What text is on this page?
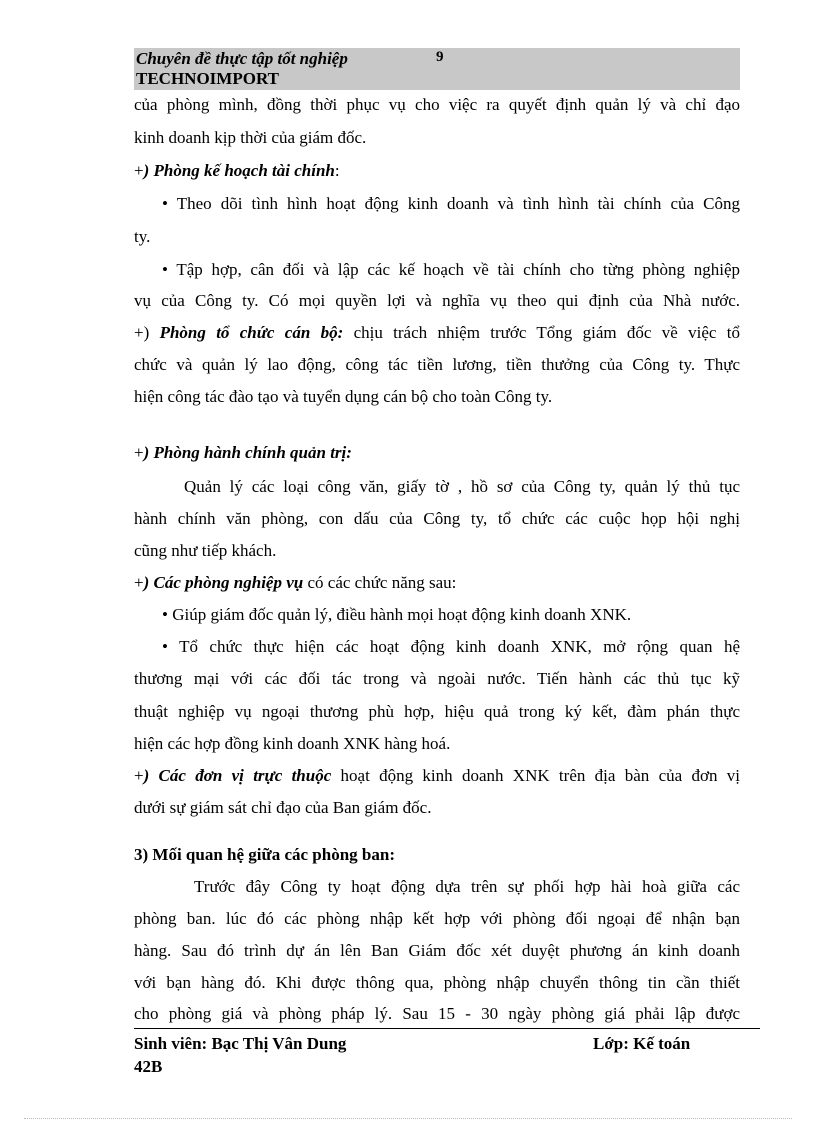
Chuyên đề thực tập tốt nghiệp	9
TECHNOIMPORT
của phòng mình, đồng thời phục vụ cho việc ra quyết định quản lý và chỉ đạo
kinh doanh kịp thời của giám đốc.
+) Phòng kế hoạch tài chính:
• Theo dõi tình hình hoạt động kinh doanh và tình hình tài chính của Công
ty.
• Tập hợp, cân đối và lập các kế hoạch về tài chính cho từng phòng nghiệp
vụ của Công ty. Có mọi quyền lợi và nghĩa vụ theo qui định của Nhà nước.
+) Phòng tổ chức cán bộ: chịu trách nhiệm trước Tổng giám đốc về việc tổ
chức và quản lý lao động, công tác tiền lương, tiền thưởng của Công ty. Thực
hiện công tác đào tạo và tuyển dụng cán bộ cho toàn Công ty.
+) Phòng hành chính quản trị:
Quản lý các loại công văn, giấy tờ , hồ sơ của Công ty, quản lý thủ tục
hành chính văn phòng, con dấu của Công ty, tổ chức các cuộc họp hội nghị
cũng như tiếp khách.
+) Các phòng nghiệp vụ có các chức năng sau:
• Giúp giám đốc quản lý, điều hành mọi hoạt động kinh doanh XNK.
• Tổ chức thực hiện các hoạt động kinh doanh XNK, mở rộng quan hệ
thương mại với các đối tác trong và ngoài nước. Tiến hành các thủ tục kỹ
thuật nghiệp vụ ngoại thương phù hợp, hiệu quả trong ký kết, đàm phán thực
hiện các hợp đồng kinh doanh XNK hàng hoá.
+) Các đơn vị trực thuộc hoạt động kinh doanh XNK trên địa bàn của đơn vị
dưới sự giám sát chỉ đạo của Ban giám đốc.
3) Mối quan hệ giữa các phòng ban:
Trước đây Công ty hoạt động dựa trên sự phối hợp hài hoà giữa các
phòng ban. lúc đó các phòng nhập kết hợp với phòng đối ngoại để nhận bạn
hàng. Sau đó trình dự án lên Ban Giám đốc xét duyệt phương án kinh doanh
với bạn hàng đó. Khi được thông qua, phòng nhập chuyển thông tin cần thiết
cho phòng giá và phòng pháp lý. Sau 15 - 30 ngày phòng giá phải lập được
Sinh viên: Bạc Thị Vân Dung	Lớp: Kế toán
42B
